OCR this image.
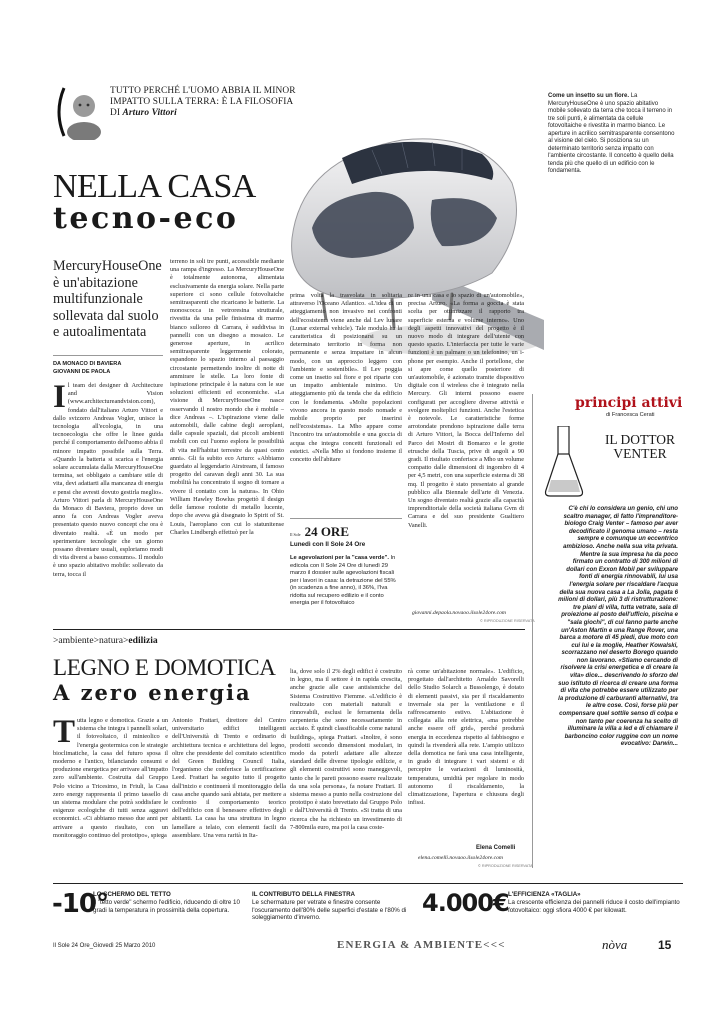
TUTTO PERCHÉ L'UOMO ABBIA IL MINOR IMPATTO SULLA TERRA: È LA FILOSOFIA DI Arturo Vittori
NELLA CASA
tecno-eco
Come un insetto su un fiore. La MercuryHouseOne è uno spazio abitativo mobile sollevato da terra che tocca il terreno in tre soli punti, è alimentata da cellule fotovoltaiche e rivestita in marmo bianco. Le aperture in acrilico semitrasparente consentono al visione del cielo. Si posiziona su un determinato territorio senza impatto con l'ambiente circostante. Il concetto è quello della tenda più che quello di un edificio con le fondamenta.
MercuryHouseOne è un'abitazione multifunzionale sollevata dal suolo e autoalimentata
DA MONACO DI BAVIERA
GIOVANNI DE PAOLA
I l team dei designer di Architecture and Vision (www.architectureandvision.com), fondato dall'italiano Arturo Vittori e dallo svizzero Andreas Vogler, unisce la tecnologia all'ecologia, in una tecnoecologia che offre le linee guida perché il comportamento dell'uomo abbia il minore impatto possibile sulla Terra. «Quando la batteria si scarica e l'energia solare accumulata dalla MercuryHouseOne termina, sei obbligato a cambiare stile di vita, devi adattarti alla mancanza di energia e pensi che avresti dovuto gestirla meglio». Arturo Vittori parla di MercuryHouseOne da Monaco di Baviera, proprio dove un anno fa con Andreas Vogler aveva presentato questo nuovo concept che ora è diventato realtà. «È un modo per sperimentare tecnologie che un giorno possano diventare usuali, esploriamo modi di vita diversi a basso consumo». Il modulo è uno spazio abitativo mobile: sollevato da terra, tocca il
terreno in soli tre punti, accessibile mediante una rampa d'ingresso. La MercuryHouseOne è totalmente autonoma, alimentata esclusivamente da energia solare. Nella parte superiore ci sono cellule fotovoltaiche semitrasparenti che ricaricano le batterie. La monoscocca in vetroresina strutturale, rivestita da una pelle finissima di marmo bianco sulloreo di Carrara, è suddivisa in pannelli con un disegno a mosaico. Le generose aperture, in acrilico semitrasparente leggermente colorato, espandono lo spazio interno al paesaggio circostante permettendo inoltre di notte di ammirare le stelle. La loro fonte di ispirazione principale è la natura con le sue soluzioni efficienti ed economiche. «La visione di MercuryHouseOne nasce osservando il nostro mondo che è mobile – dice Andreas –. L'ispirazione viene dalle automobili, dalle cabine degli aeroplani, dalle capsule spaziali, dai piccoli ambienti mobili con cui l'uomo esplora le possibilità di vita nell'habitat terrestre da quasi cento anni». Gli fa subito eco Arturo: «Abbiamo guardato al leggendario Airstream, il famoso progetto del caravan degli anni 30. La sua mobilità ha concentrato il sogno di tornare a vivere il contatto con la natura». In Ohio William Hawley Bowlus progettò il design delle famose roulotte di metallo lucente, dopo che aveva già disegnato lo Spirit of St. Louis, l'aeroplano con cui lo statunitense Charles Lindbergh effettuò per la
prima volta la trasvolata in solitaria attraverso l'Oceano Atlantico. «L'idea di un atteggiamento non invasivo nei confronti dell'ecosistema viene anche dal Lev lunare (Lunar external vehicle). Tale modulo ha la caratteristica di posizionarsi su un determinato territorio in forma non permanente e senza impattare in alcun modo, con un approccio leggero con l'ambiente e sostenibile». Il Lev poggia come un insetto sul fiore e poi riparte con un impatto ambientale minimo. Un atteggiamento più da tenda che da edificio con le fondamenta. «Molte popolazioni vivono ancora in questo modo nomade e mobile proprio per inserirsi nell'ecosistema». La Mho appare come l'incontro tra un'automobile e una goccia di acqua che integra concetti funzionali ed estetici. «Nella Mho si fondono insieme il concetto dell'abitare
re in una casa e lo spazio di un'automobile», precisa Arturo. «La forma a goccia è stata scelta per ottimizzare il rapporto tra superficie esterna e volume interno». Uno degli aspetti innovativi del progetto è il nuovo modo di integrare dell'utente con questo spazio. L'interfaccia per tutte le varie funzioni è un palmare o un telefonino, un i-phone per esempio. Anche il portellone, che si apre come quello posteriore di un'automobile, è azionato tramite dispositivo digitale con il wireless che è integrato nella Mercury. Gli interni possono essere configurati per accogliere diverse attività e svolgere molteplici funzioni. Anche l'estetica è notevole. Le caratteristiche forme arrotondate prendono ispirazione dalle terra di Arturo Vittori, la Bocca dell'Inferno del Parco dei Mostri di Bomarzo e le grotte etrusche della Tuscia, prive di angoli a 90 gradi. Il risultato conferisce a Mho un volume compatto dalle dimensioni di ingombro di 4 per 4,5 metri, con una superficie esterna di 38 mq. Il progetto è stato presentato al grande pubblico alla Biennale dell'arte di Venezia. Un sogno diventato realtà grazie alla capacità imprenditoriale della società italiana Gvm di Carrara e del suo presidente Gualtiero Vanelli.
giovanni.depaola.novaoo.ilsole24ore.com
© RIPRODUZIONE RISERVATA
Il Sole 24 ORE
Lunedì con Il Sole 24 Ore
Le agevolazioni per la "casa verde". In edicola con Il Sole 24 Ore di lunedì 29 marzo il dossier sulle agevolazioni fiscali per i lavori in casa: la detrazione del 55% (in scadenza a fine anno), il 36%, l'Iva ridotta sul recupero edilizio e il conto energia per il fotovoltaico
principi attivi
di Francesca Cerati
IL DOTTOR VENTER
C'è chi lo considera un genio, chi uno scaltro manager, di fatto l'imprenditore-biologo Craig Venter – famoso per aver decodificato il genoma umano – resta sempre e comunque un eccentrico ambizioso. Anche nella sua vita privata. Mentre la sua impresa ha da poco firmato un contratto di 300 milioni di dollari con Exxon Mobil per sviluppare fonti di energia rinnovabili, lui usa l'energia solare per riscaldare l'acqua della sua nuova casa a La Jolla, pagata 6 milioni di dollari, più 3 di ristrutturazione: tre piani di villa, tutta vetrate, sala di proiezione al posto dell'ufficio, piscina e "sala giochi", di cui fanno parte anche un'Aston Martin e una Range Rover, una barca a motore di 45 piedi, due moto con cui lui e la moglie, Heather Kowalski, scorrazzano nel deserto Borego quando non lavorano. «Stiamo cercando di risolvere la crisi energetica e di creare la vita» dice... descrivendo lo sforzo del suo istituto di ricerca di creare una forma di vita che potrebbe essere utilizzato per la produzione di carburanti alternativi, tra le altre cose. Così, forse più per compensare quel sottile senso di colpa e non tanto per coerenza ha scelto di illuminare la villa a led e di chiamare il barboncino color ruggine con un nome evocativo: Darwin...
>ambiente>natura>edilizia
LEGNO E DOMOTICA
A zero energia
T utta legno e domotica. Grazie a un sistema che integra i pannelli solari, il fotovoltaico, il minieolico e l'energia geotermica con le strategie bioclimatiche, la casa del futuro sposa il moderno e l'antico, bilanciando consumi e produzione energetica per arrivare all'impatto zero sull'ambiente. Costruita dal Gruppo Polo vicino a Tricesimo, in Friuli, la Casa zero energy rappresenta il primo tassello di un sistema modulare che potrà soddisfare le esigenze ecologiche di tutti senza aggravi economici. «Ci abbiamo messo due anni per arrivare a questo risultato, con un monitoraggio continuo del prototipo», spiega
Antonio Frattari, direttore del Centro universitario edifici intelligenti dell'Università di Trento e ordinario di architettura tecnica e architettura del legno, oltre che presidente del comitato scientifico del Green Building Council Italia, l'organismo che conferisce la certificazione Leed. Frattari ha seguito tutto il progetto dall'inizio e continuerà il monitoraggio della casa anche quando sarà abitata, per mettere a confronto il comportamento teorico dell'edificio con il benessere effettivo degli abitanti. La casa ha una struttura in legno lamellare a telaio, con elementi facili da assemblare. Una vera rarità in Ita-
lia, dove solo il 2% degli edifici è costruito in legno, ma il settore è in rapida crescita, anche grazie alle case antisismiche del Sistema Costruttivo Fiemme. «L'edificio è realizzato con materiali naturali e rinnovabili, esclusi le ferramenta della carpenteria che sono necessariamente in acciaio. È quindi classificabile come natural building», spiega Frattari. «Inoltre, è sono prodotti secondo dimensioni modulari, in modo da poterli adattare alle altezze standard delle diverse tipologie edilizie, e gli elementi costruttivi sono maneggevoli, tanto che le pareti possono essere realizzate da una sola persona», fa notare Frattari. Il sistema messo a punto nella costruzione del prototipo è stato brevettato dal Gruppo Polo e dall'Università di Trento. «Si tratta di una ricerca che ha richiesto un investimento di 7-800mila euro, ma poi la casa coste-
rà come un'abitazione normale». L'edificio, progettato dall'architetto Arnaldo Savorelli dello Studio Solarch a Bussolengo, è dotato di elementi passivi, sia per il riscaldamento invernale sia per la ventilazione e il raffrescamento estivo. L'abitazione è collegata alla rete elettrica, «ma potrebbe anche essere off grid», perché produrrà energia in eccedenza rispetto al fabbisogno e quindi la rivenderà alla rete. L'ampio utilizzo della domotica ne farà una casa intelligente, in grado di integrare i vari sistemi e di percepire le variazioni di luminosità, temperatura, umidità per regolare in modo autonomo il riscaldamento, la climatizzazione, l'apertura e chiusura degli infissi.
Elena Comelli
elena.comelli.novaoo.ilsole24ore.com
© RIPRODUZIONE RISERVATA
-10°
LO SCHERMO DEL TETTO
Il "tetto verde" schermo l'edificio, riducendo di oltre 10 gradi la temperatura in prossimità della copertura.
IL CONTRIBUTO DELLA FINESTRA
Le schermature per vetrate e finestre consente l'oscuramento dell'80% delle superfici d'estate e l'80% di soleggiamento d'inverno.
4.000€ L'EFFICIENZA «TAGLIA»
La crescente efficienza dei pannelli riduce il costo dell'impianto fotovoltaico: oggi sfiora 4000 € per kilowatt.
Il Sole 24 Ore_Giovedì 25 Marzo 2010	ENERGIA & AMBIENTE<<<	nòva	15
